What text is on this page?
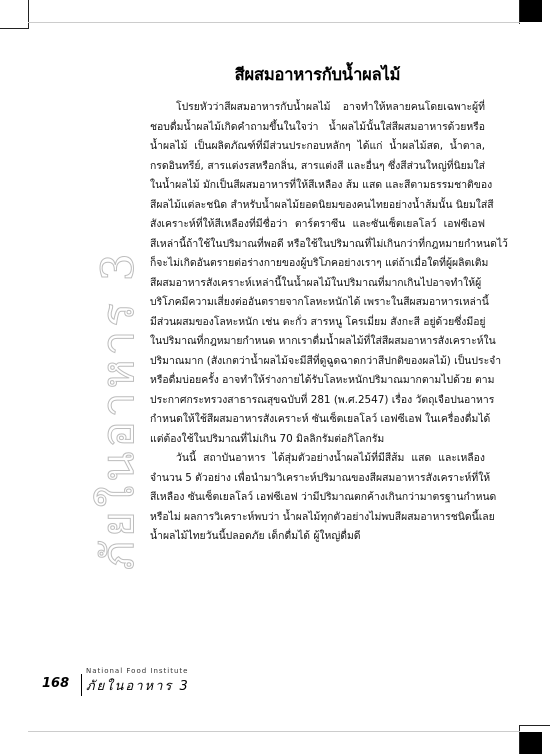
ภัยในอาหาร 3
สีผสมอาหารกับน้ำผลไม้
โปรยหัวว่าสีผสมอาหารกับน้ำผลไม้ อาจทำให้หลายคนโดยเฉพาะผู้ที่
ชอบดื่มน้ำผลไม้เกิดคำถามขึ้นในใจว่า น้ำผลไม้นั้นใส่สีผสมอาหารด้วยหรือ
น้ำผลไม้ เป็นผลิตภัณฑ์ที่มีส่วนประกอบหลักๆ ได้แก่ น้ำผลไม้สด, น้ำตาล,
กรดอินทรีย์, สารแต่งรสหรือกลิ่น, สารแต่งสี และอื่นๆ ซึ่งสีส่วนใหญ่ที่นิยมใส่
ในน้ำผลไม้ มักเป็นสีผสมอาหารที่ให้สีเหลือง ส้ม แสด และสีตามธรรมชาติของ
สีผลไม้แต่ละชนิด สำหรับน้ำผลไม้ยอดนิยมของคนไทยอย่างน้ำส้มนั้น นิยมใส่สี
สังเคราะห์ที่ให้สีเหลืองที่มีชื่อว่า ตาร์ตราซีน และซันเซ็ตเยลโลว์ เอฟซีเอฟ
สีเหล่านี้ถ้าใช้ในปริมาณที่พอดี หรือใช้ในปริมาณที่ไม่เกินกว่าที่กฎหมายกำหนดไว้
ก็จะไม่เกิดอันตรายต่อร่างกายของผู้บริโภคอย่างเราๆ แต่ถ้าเมื่อใดที่ผู้ผลิตเติม
สีผสมอาหารสังเคราะห์เหล่านี้ในน้ำผลไม้ในปริมาณที่มากเกินไปอาจทำให้ผู้
บริโภคมีความเสี่ยงต่ออันตรายจากโลหะหนักได้ เพราะในสีผสมอาหารเหล่านี้
มีส่วนผสมของโลหะหนัก เช่น ตะกั่ว สารหนู โครเมี่ยม สังกะสี อยู่ด้วยซึ่งมีอยู่
ในปริมาณที่กฎหมายกำหนด หากเราดื่มน้ำผลไม้ที่ใส่สีผสมอาหารสังเคราะห์ใน
ปริมาณมาก (สังเกตว่าน้ำผลไม้จะมีสีที่ดูฉูดฉาดกว่าสีปกติของผลไม้) เป็นประจำ
หรือดื่มบ่อยครั้ง อาจทำให้ร่างกายได้รับโลหะหนักปริมาณมากตามไปด้วย ตาม
ประกาศกระทรวงสาธารณสุขฉบับที่ 281 (พ.ศ.2547) เรื่อง วัตถุเจือปนอาหาร
กำหนดให้ใช้สีผสมอาหารสังเคราะห์ ซันเซ็ตเยลโลว์ เอฟซีเอฟ ในเครื่องดื่มได้
แต่ต้องใช้ในปริมาณที่ไม่เกิน 70 มิลลิกรัมต่อกิโลกรัม
วันนี้ สถาบันอาหาร ได้สุ่มตัวอย่างน้ำผลไม้ที่มีสีส้ม แสด และเหลือง
จำนวน 5 ตัวอย่าง เพื่อนำมาวิเคราะห์ปริมาณของสีผสมอาหารสังเคราะห์ที่ให้
สีเหลือง ซันเซ็ตเยลโลว์ เอฟซีเอฟ ว่ามีปริมาณตกค้างเกินกว่ามาตรฐานกำหนด
หรือไม่ ผลการวิเคราะห์พบว่า น้ำผลไม้ทุกตัวอย่างไม่พบสีผสมอาหารชนิดนี้เลย
น้ำผลไม้ไทยวันนี้ปลอดภัย เด็กดื่มได้ ผู้ใหญ่ดื่มดี
National Food Institute
168 ภัยในอาหาร 3
